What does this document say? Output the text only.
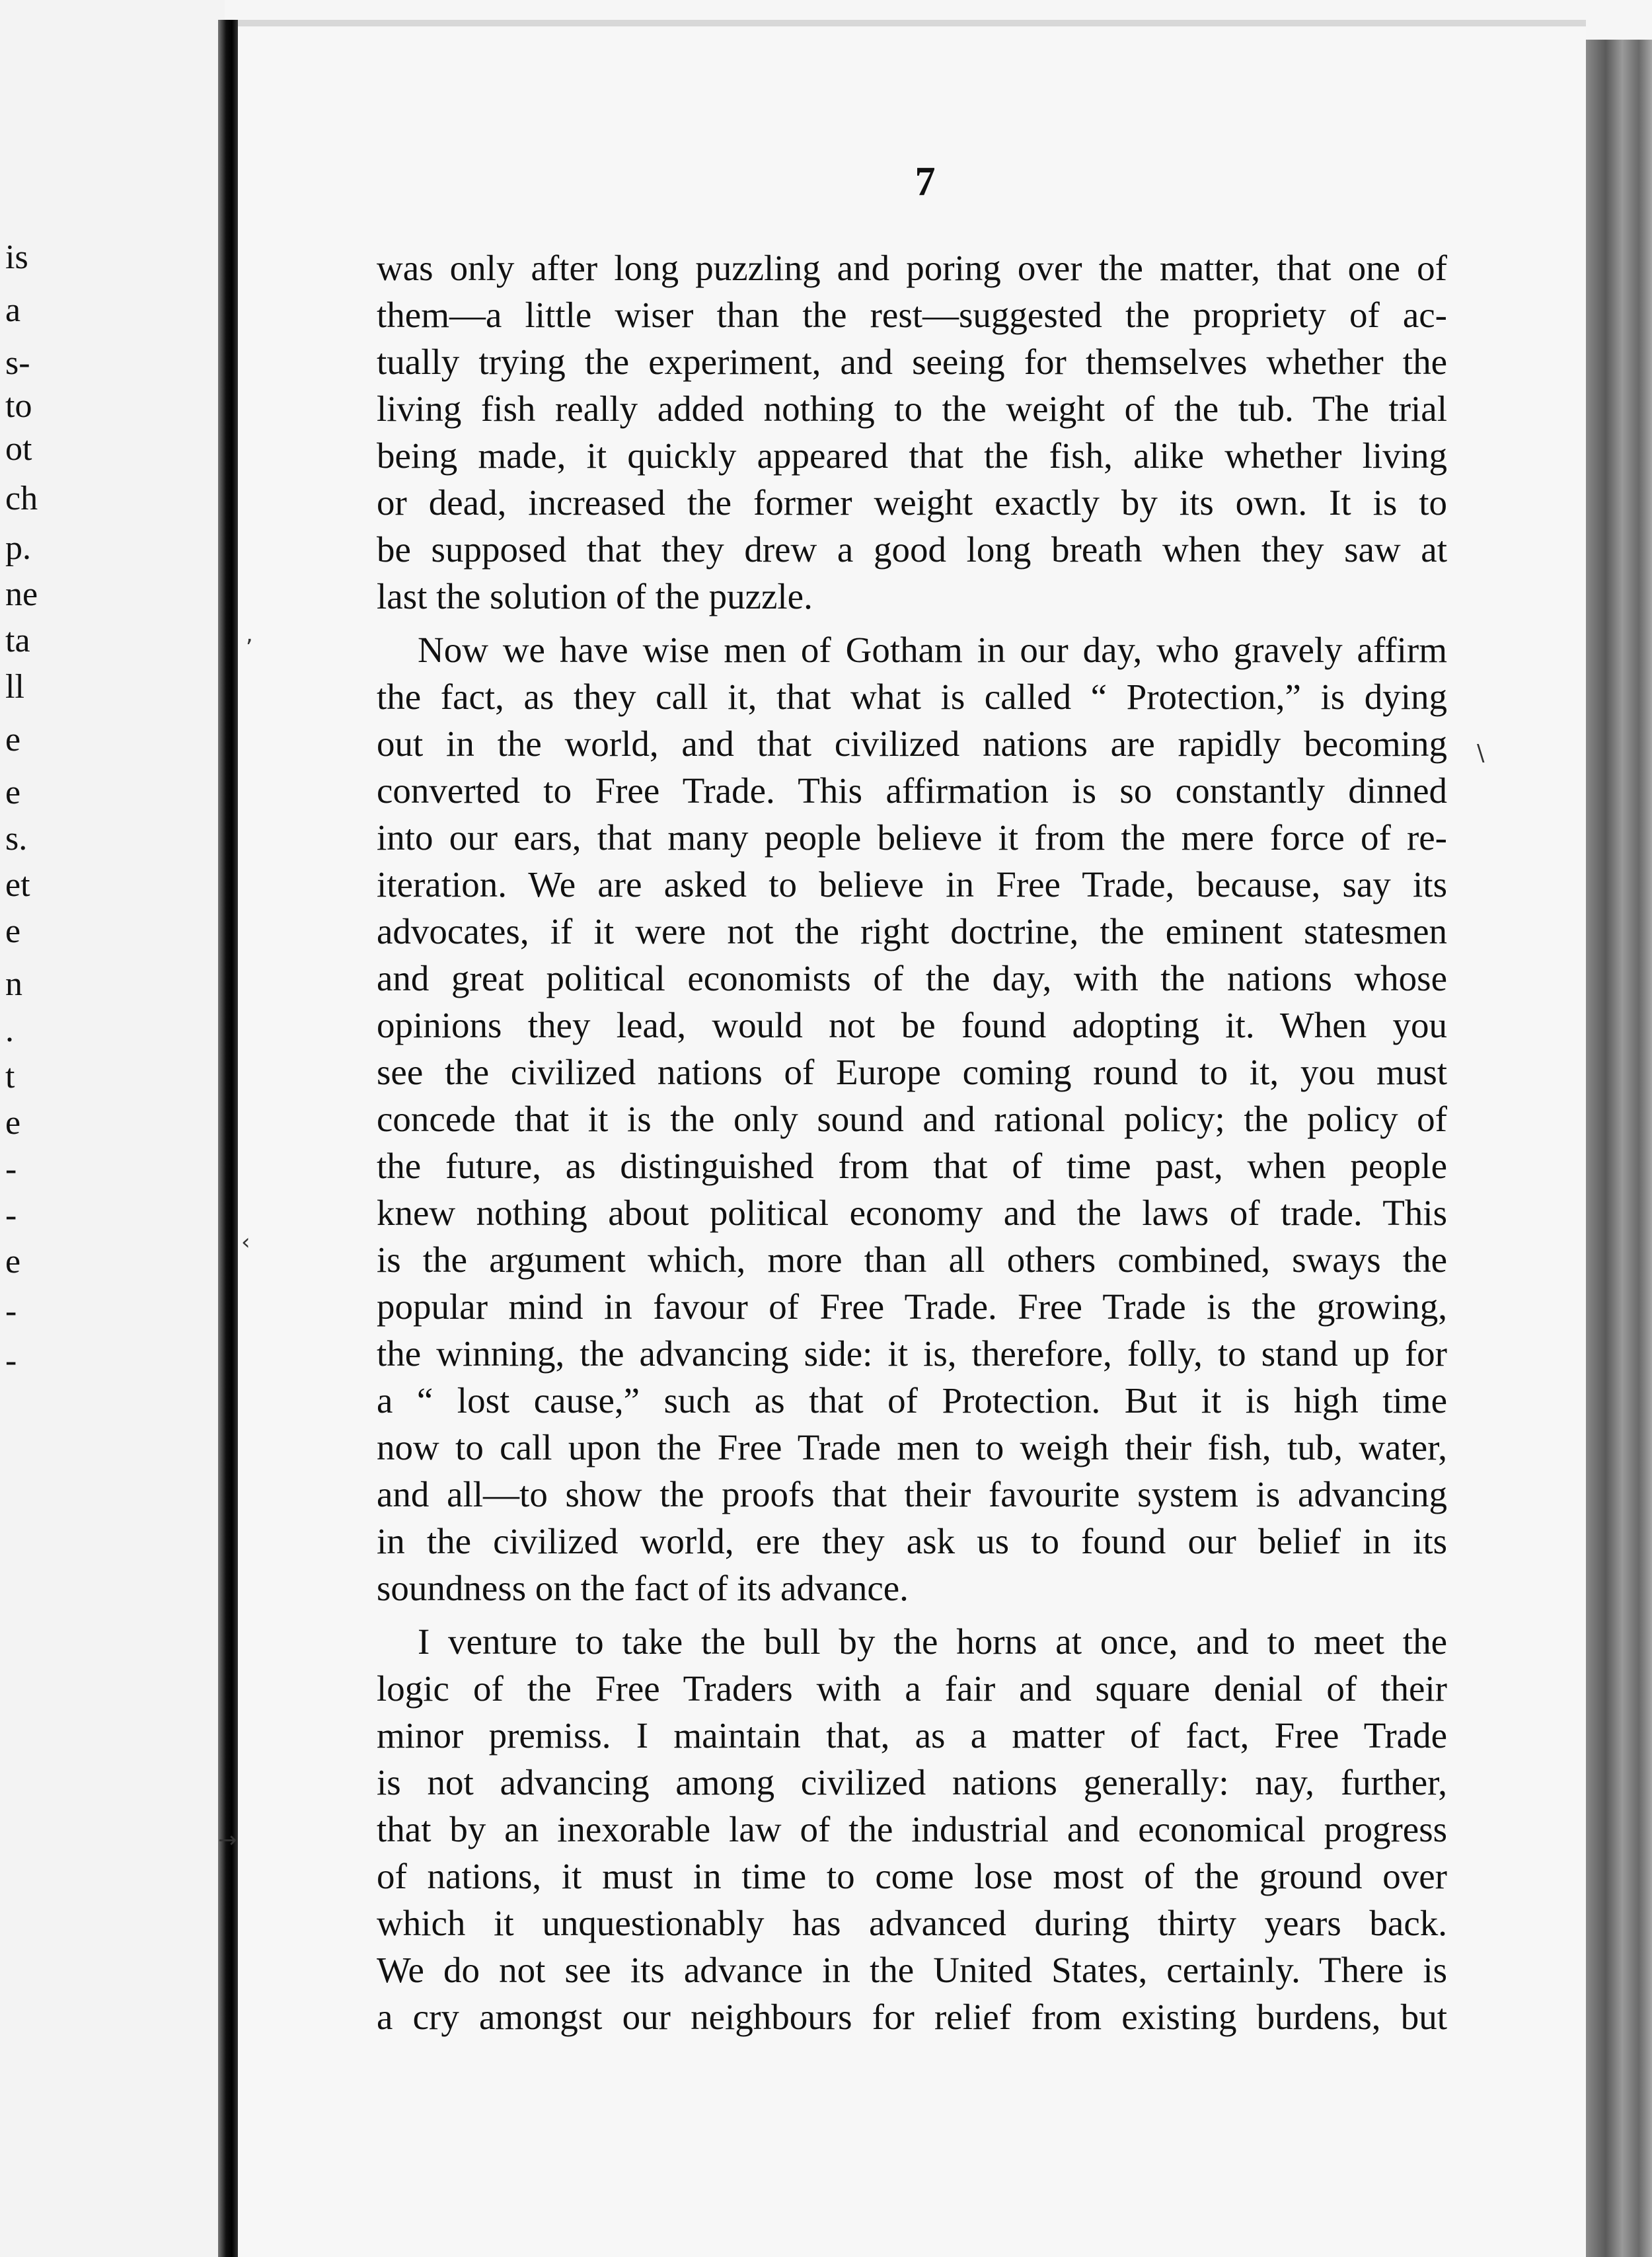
is
a
s-
to
ot
ch
p.
ne
ta
ll
e
e
s.
et
e
n
.
t
e
-
-
e
-
-
7
was only after long puzzling and poring over the matter, that one of
them—a little wiser than the rest—suggested the propriety of ac-
tually trying the experiment, and seeing for themselves whether the
living fish really added nothing to the weight of the tub. The trial
being made, it quickly appeared that the fish, alike whether living
or dead, increased the former weight exactly by its own. It is to
be supposed that they drew a good long breath when they saw at
last the solution of the puzzle.
Now we have wise men of Gotham in our day, who gravely affirm
the fact, as they call it, that what is called “ Protection,” is dying
out in the world, and that civilized nations are rapidly becoming
converted to Free Trade. This affirmation is so constantly dinned
into our ears, that many people believe it from the mere force of re-
iteration. We are asked to believe in Free Trade, because, say its
advocates, if it were not the right doctrine, the eminent statesmen
and great political economists of the day, with the nations whose
opinions they lead, would not be found adopting it. When you
see the civilized nations of Europe coming round to it, you must
concede that it is the only sound and rational policy; the policy of
the future, as distinguished from that of time past, when people
knew nothing about political economy and the laws of trade. This
is the argument which, more than all others combined, sways the
popular mind in favour of Free Trade. Free Trade is the growing,
the winning, the advancing side: it is, therefore, folly, to stand up for
a “ lost cause,” such as that of Protection. But it is high time
now to call upon the Free Trade men to weigh their fish, tub, water,
and all—to show the proofs that their favourite system is advancing
in the civilized world, ere they ask us to found our belief in its
soundness on the fact of its advance.
I venture to take the bull by the horns at once, and to meet the
logic of the Free Traders with a fair and square denial of their
minor premiss. I maintain that, as a matter of fact, Free Trade
is not advancing among civilized nations generally: nay, further,
that by an inexorable law of the industrial and economical progress
of nations, it must in time to come lose most of the ground over
which it unquestionably has advanced during thirty years back.
We do not see its advance in the United States, certainly. There is
a cry amongst our neighbours for relief from existing burdens, but
,
‹
→
\
